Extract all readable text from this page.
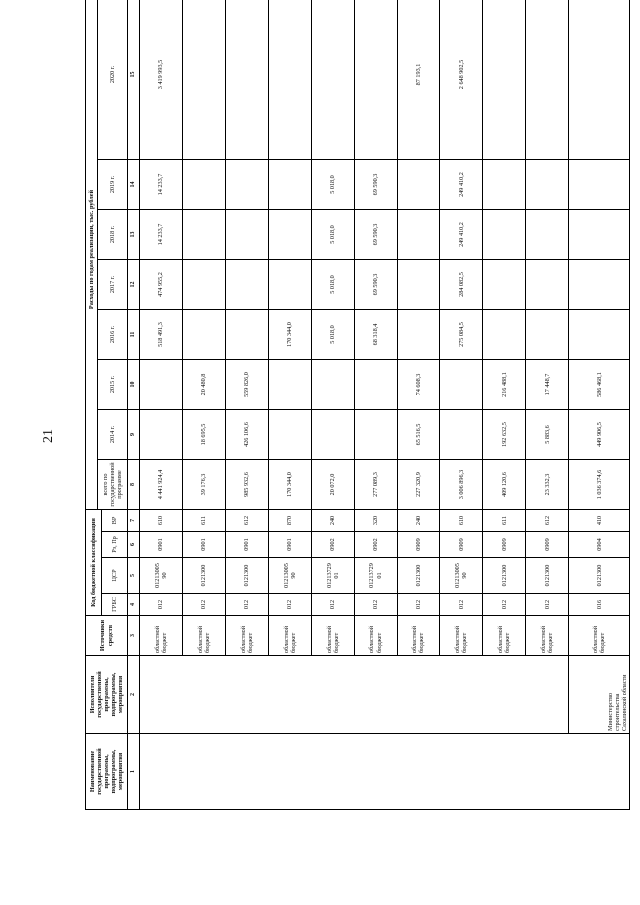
21
Наименование государственной программы, подпрограммы, мероприятия	Исполнители государственной программы, подпрограммы, мероприятия	Источники средств	Код бюджетной классификации				Расходы по годам реализации, тыс. рублей							
							всего по государственной программе	2014 г.	2015 г.	2016 г.	2017 г.	2018 г.	2019 г.	2020 г.
			ГРБС	ЦСР	Рз, Пр	ВР								
1	2	3	4	5	6	7	8	9	10	11	12	13	14	15
		областной бюджет	012	01213005 90	0901	610	4 441 924,4			518 491,3	474 955,2	14 233,7	14 233,7	3 419 993,5
		областной бюджет	012	0121300	0901	611	39 176,3	18 695,5	20 480,8					
		областной бюджет	012	0121300	0901	612	985 932,6	426 106,6	559 826,0					
		областной бюджет	012	01213005 90	0901	870	170 344,0			170 344,0				
		областной бюджет	012	01213729 01	0902	240	20 072,0			5 018,0	5 018,0	5 018,0	5 018,0	
		областной бюджет	012	01213729 01	0902	320	277 089,3			68 318,4	69 590,3	69 590,3	69 590,3	
		областной бюджет	012	0121300	0909	240	227 320,9	65 516,5	74 608,3					87 193,1
		областной бюджет	012	01213005 90	0909	610	3 006 896,3			275 084,5	284 082,5	249 410,2	249 410,2	2 648 902,5
		областной бюджет	012	0121300	0909	611	409 120,6	192 632,5	216 488,1					
		областной бюджет	012	0121300	0909	612	23 332,3	5 883,6	17 448,7					
	Министерство строительства Сахалинской области	областной бюджет	016	0121300	0904	410	1 036 374,6	449 906,5	586 468,1					
